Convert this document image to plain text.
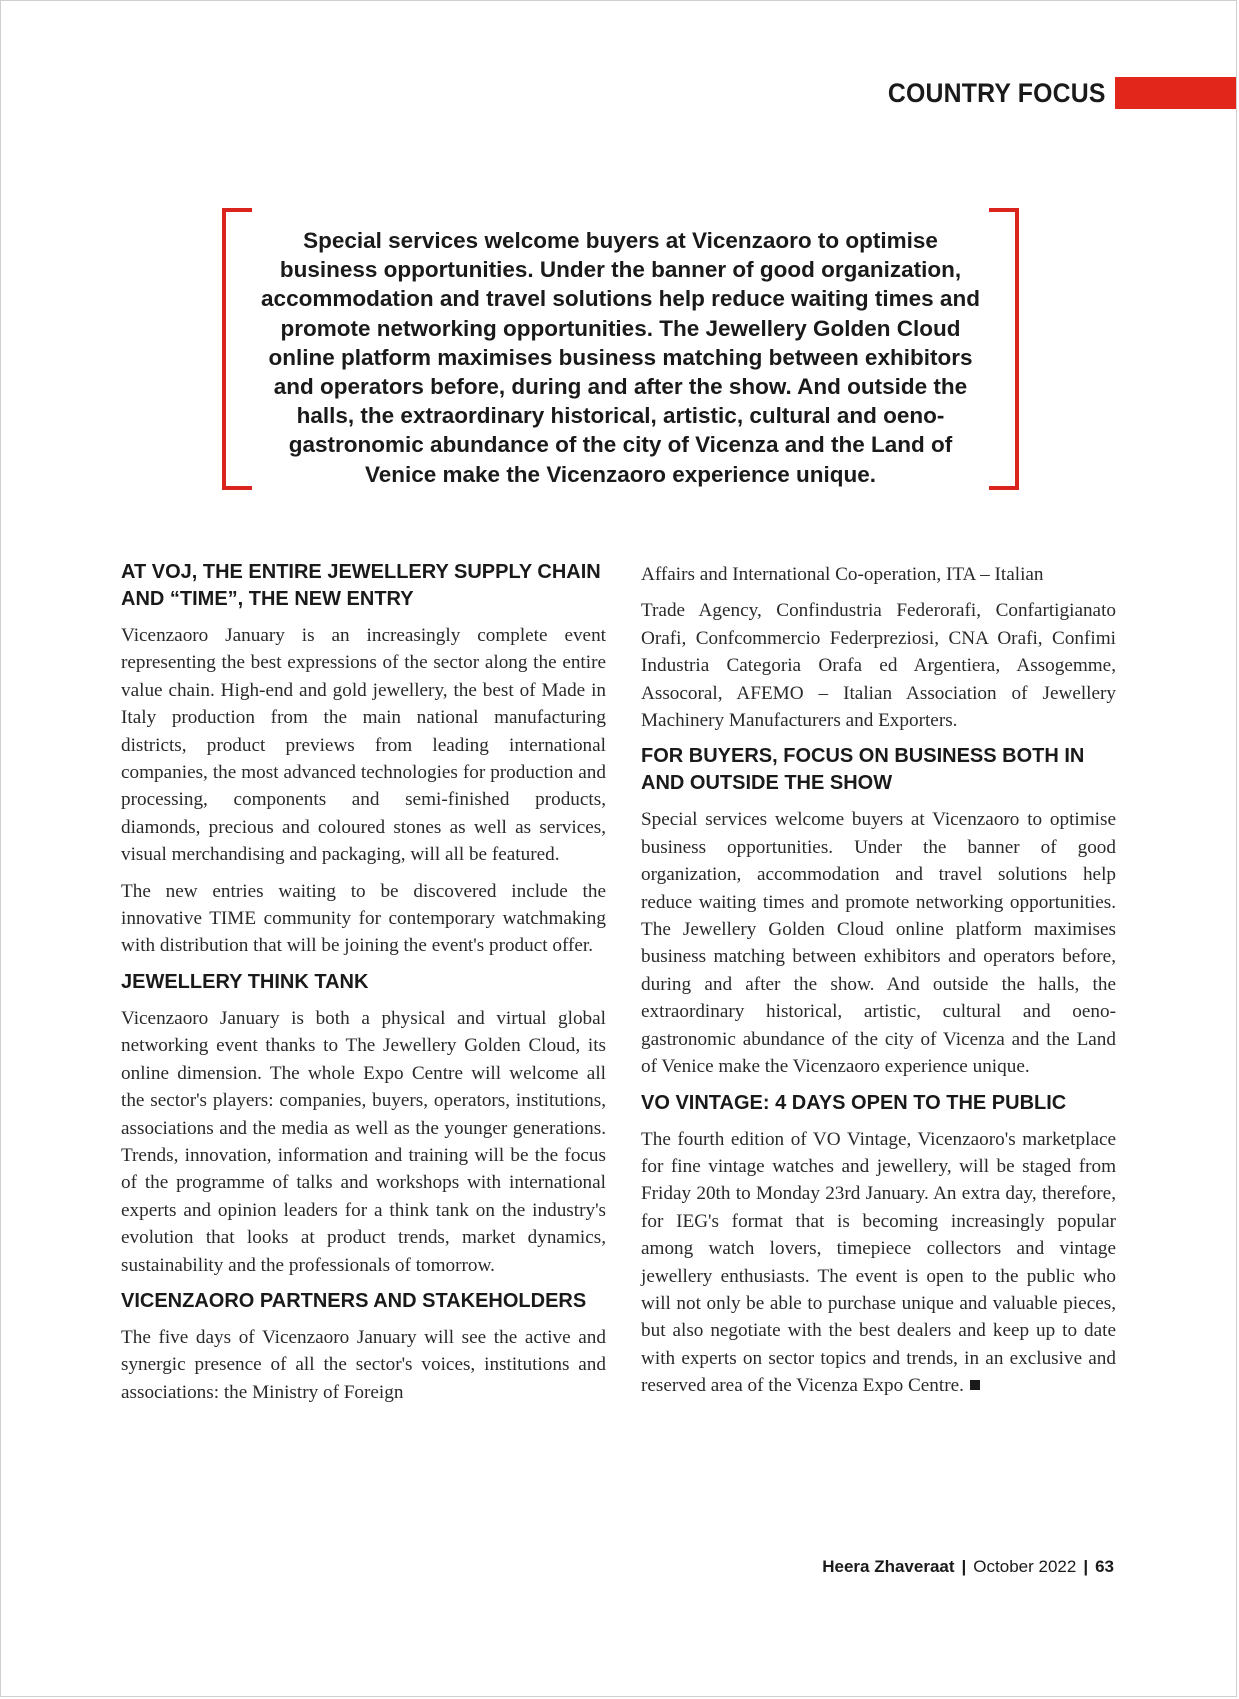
COUNTRY FOCUS
Special services welcome buyers at Vicenzaoro to optimise business opportunities. Under the banner of good organization, accommodation and travel solutions help reduce waiting times and promote networking opportunities. The Jewellery Golden Cloud online platform maximises business matching between exhibitors and operators before, during and after the show. And outside the halls, the extraordinary historical, artistic, cultural and oeno-gastronomic abundance of the city of Vicenza and the Land of Venice make the Vicenzaoro experience unique.
AT VOJ, THE ENTIRE JEWELLERY SUPPLY CHAIN AND “TIME”, THE NEW ENTRY

Vicenzaoro January is an increasingly complete event representing the best expressions of the sector along the entire value chain. High-end and gold jewellery, the best of Made in Italy production from the main national manufacturing districts, product previews from leading international companies, the most advanced technologies for production and processing, components and semi-finished products, diamonds, precious and coloured stones as well as services, visual merchandising and packaging, will all be featured.

The new entries waiting to be discovered include the innovative TIME community for contemporary watchmaking with distribution that will be joining the event's product offer.

JEWELLERY THINK TANK

Vicenzaoro January is both a physical and virtual global networking event thanks to The Jewellery Golden Cloud, its online dimension. The whole Expo Centre will welcome all the sector's players: companies, buyers, operators, institutions, associations and the media as well as the younger generations. Trends, innovation, information and training will be the focus of the programme of talks and workshops with international experts and opinion leaders for a think tank on the industry's evolution that looks at product trends, market dynamics, sustainability and the professionals of tomorrow.

VICENZAORO PARTNERS AND STAKEHOLDERS

The five days of Vicenzaoro January will see the active and synergic presence of all the sector's voices, institutions and associations: the Ministry of Foreign

Affairs and International Co-operation, ITA – Italian

Trade Agency, Confindustria Federorafi, Confartigianato Orafi, Confcommercio Federpreziosi, CNA Orafi, Confimi Industria Categoria Orafa ed Argentiera, Assogemme, Assocoral, AFEMO – Italian Association of Jewellery Machinery Manufacturers and Exporters.

FOR BUYERS, FOCUS ON BUSINESS BOTH IN AND OUTSIDE THE SHOW

Special services welcome buyers at Vicenzaoro to optimise business opportunities. Under the banner of good organization, accommodation and travel solutions help reduce waiting times and promote networking opportunities. The Jewellery Golden Cloud online platform maximises business matching between exhibitors and operators before, during and after the show. And outside the halls, the extraordinary historical, artistic, cultural and oeno-gastronomic abundance of the city of Vicenza and the Land of Venice make the Vicenzaoro experience unique.

VO VINTAGE: 4 DAYS OPEN TO THE PUBLIC

The fourth edition of VO Vintage, Vicenzaoro's marketplace for fine vintage watches and jewellery, will be staged from Friday 20th to Monday 23rd January. An extra day, therefore, for IEG's format that is becoming increasingly popular among watch lovers, timepiece collectors and vintage jewellery enthusiasts. The event is open to the public who will not only be able to purchase unique and valuable pieces, but also negotiate with the best dealers and keep up to date with experts on sector topics and trends, in an exclusive and reserved area of the Vicenza Expo Centre.

Heera Zhaveraat | October 2022 | 63
